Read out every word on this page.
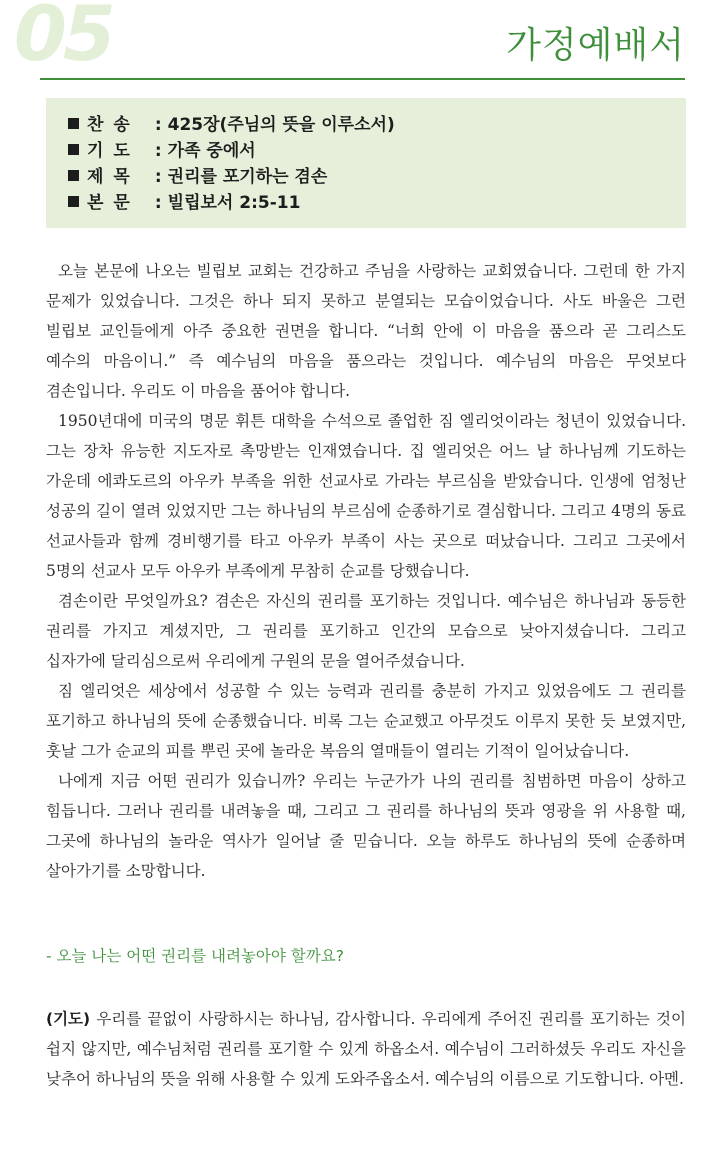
05	가정예배서
찬 송 : 425장(주님의 뜻을 이루소서)
기 도 : 가족 중에서
제 목 : 권리를 포기하는 겸손
본 문 : 빌립보서 2:5-11

오늘 본문에 나오는 빌립보 교회는 건강하고 주님을 사랑하는 교회였습니다. 그런데 한 가지 문제가 있었습니다. 그것은 하나 되지 못하고 분열되는 모습이었습니다. 사도 바울은 그런 빌립보 교인들에게 아주 중요한 권면을 합니다. “너희 안에 이 마음을 품으라 곧 그리스도 예수의 마음이니.” 즉 예수님의 마음을 품으라는 것입니다. 예수님의 마음은 무엇보다 겸손입니다. 우리도 이 마음을 품어야 합니다.

1950년대에 미국의 명문 휘튼 대학을 수석으로 졸업한 짐 엘리엇이라는 청년이 있었습니다. 그는 장차 유능한 지도자로 촉망받는 인재였습니다. 집 엘리엇은 어느 날 하나님께 기도하는 가운데 에콰도르의 아우카 부족을 위한 선교사로 가라는 부르심을 받았습니다. 인생에 엄청난 성공의 길이 열려 있었지만 그는 하나님의 부르심에 순종하기로 결심합니다. 그리고 4명의 동료 선교사들과 함께 경비행기를 타고 아우카 부족이 사는 곳으로 떠났습니다. 그리고 그곳에서 5명의 선교사 모두 아우카 부족에게 무참히 순교를 당했습니다.

겸손이란 무엇일까요? 겸손은 자신의 권리를 포기하는 것입니다. 예수님은 하나님과 동등한 권리를 가지고 계셨지만, 그 권리를 포기하고 인간의 모습으로 낮아지셨습니다. 그리고 십자가에 달리심으로써 우리에게 구원의 문을 열어주셨습니다.

짐 엘리엇은 세상에서 성공할 수 있는 능력과 권리를 충분히 가지고 있었음에도 그 권리를 포기하고 하나님의 뜻에 순종했습니다. 비록 그는 순교했고 아무것도 이루지 못한 듯 보였지만, 훗날 그가 순교의 피를 뿌린 곳에 놀라운 복음의 열매들이 열리는 기적이 일어났습니다.

나에게 지금 어떤 권리가 있습니까? 우리는 누군가가 나의 권리를 침범하면 마음이 상하고 힘듭니다. 그러나 권리를 내려놓을 때, 그리고 그 권리를 하나님의 뜻과 영광을 위 사용할 때, 그곳에 하나님의 놀라운 역사가 일어날 줄 믿습니다. 오늘 하루도 하나님의 뜻에 순종하며 살아가기를 소망합니다.

- 오늘 나는 어떤 권리를 내려놓아야 할까요?

(기도) 우리를 끝없이 사랑하시는 하나님, 감사합니다. 우리에게 주어진 권리를 포기하는 것이 쉽지 않지만, 예수님처럼 권리를 포기할 수 있게 하옵소서. 예수님이 그러하셨듯 우리도 자신을 낮추어 하나님의 뜻을 위해 사용할 수 있게 도와주옵소서. 예수님의 이름으로 기도합니다. 아멘.
